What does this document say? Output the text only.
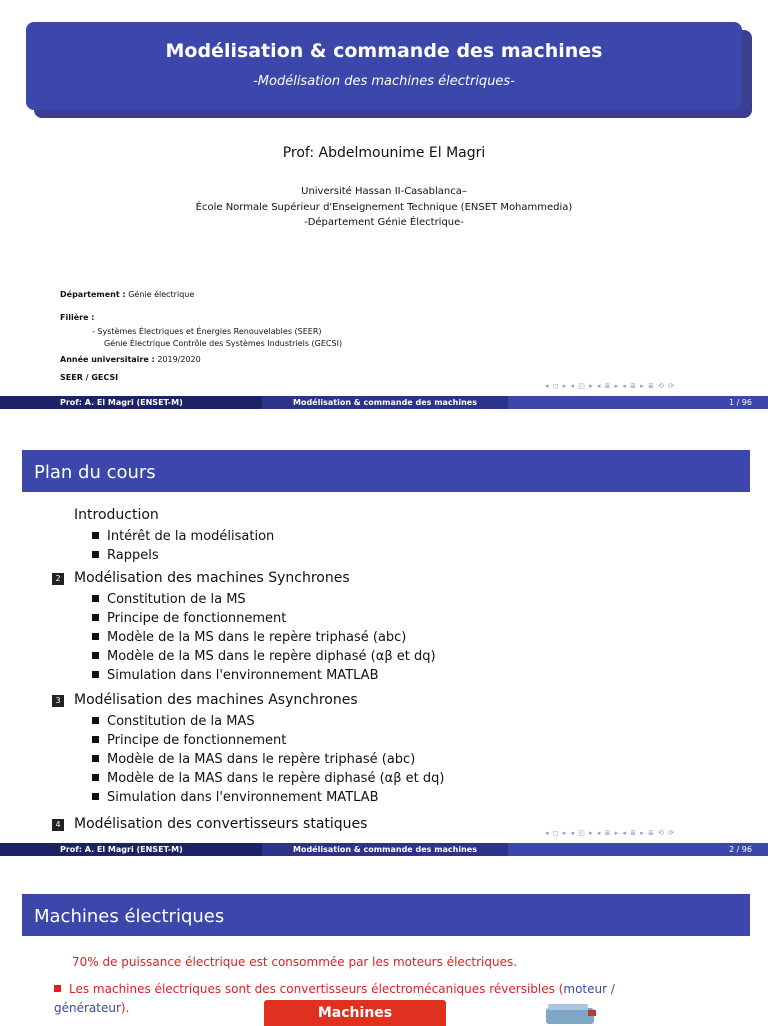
Modélisation & commande des machines
-Modélisation des machines électriques-
Prof: Abdelmounime El Magri
Université Hassan II-Casablanca–
École Normale Supérieur d'Enseignement Technique (ENSET Mohammedia)
-Département Génie Électrique-
Département : Génie électrique
Filière :
- Systèmes Électriques et Énergies Renouvelables (SEER)
Génie Électrique Contrôle des Systèmes Industriels (GECSI)
Année universitaire : 2019/2020
SEER / GECSI
◂ ◻ ▸ ◂ ◰ ▸ ◂ ≣ ▸ ◂ ≣ ▸ ≣ ⟲ ⟳
Prof: A. El Magri (ENSET-M)	Modélisation & commande des machines	1 / 96
Plan du cours
Introduction
Intérêt de la modélisation
Rappels
2 Modélisation des machines Synchrones
Constitution de la MS
Principe de fonctionnement
Modèle de la MS dans le repère triphasé (abc)
Modèle de la MS dans le repère diphasé (αβ et dq)
Simulation dans l'environnement MATLAB
3 Modélisation des machines Asynchrones
Constitution de la MAS
Principe de fonctionnement
Modèle de la MAS dans le repère triphasé (abc)
Modèle de la MAS dans le repère diphasé (αβ et dq)
Simulation dans l'environnement MATLAB
4 Modélisation des convertisseurs statiques
◂ ◻ ▸ ◂ ◰ ▸ ◂ ≣ ▸ ◂ ≣ ▸ ≣ ⟲ ⟳
Prof: A. El Magri (ENSET-M)	Modélisation & commande des machines	2 / 96
Machines électriques
70% de puissance électrique est consommée par les moteurs électriques.
Les machines électriques sont des convertisseurs électromécaniques réversibles (moteur / générateur).	Machines
